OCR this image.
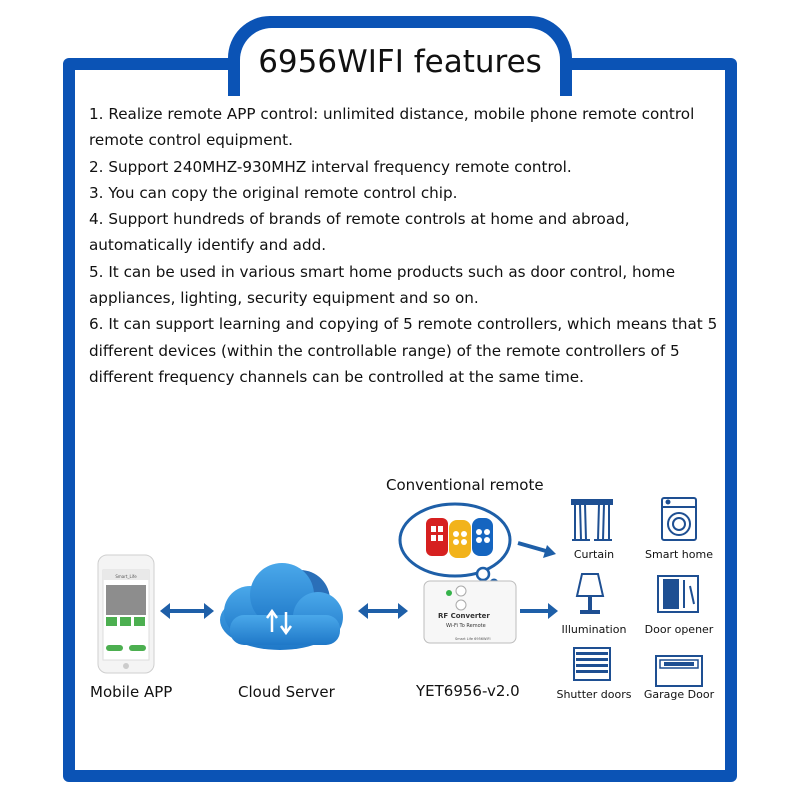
6956WIFI features

1. Realize remote APP control: unlimited distance, mobile phone remote control remote control equipment.

2. Support 240MHZ-930MHZ interval frequency remote control.

3. You can copy the original remote control chip.

4. Support hundreds of brands of remote controls at home and abroad, automatically identify and add.

5. It can be used in various smart home products such as door control, home appliances, lighting, security equipment and so on.

6. It can support learning and copying of 5 remote controllers, which means that 5 different devices (within the controllable range) of the remote controllers of 5 different frequency channels can be controlled at the same time.

Smart_Life
RF Converter
Wi-Fi To Remote
Smart Life 6956WIFI
Conventional remote
Mobile APP	Cloud Server	YET6956-v2.0
Curtain	Smart home
Illumination	Door opener
Shutter doors Garage Door
